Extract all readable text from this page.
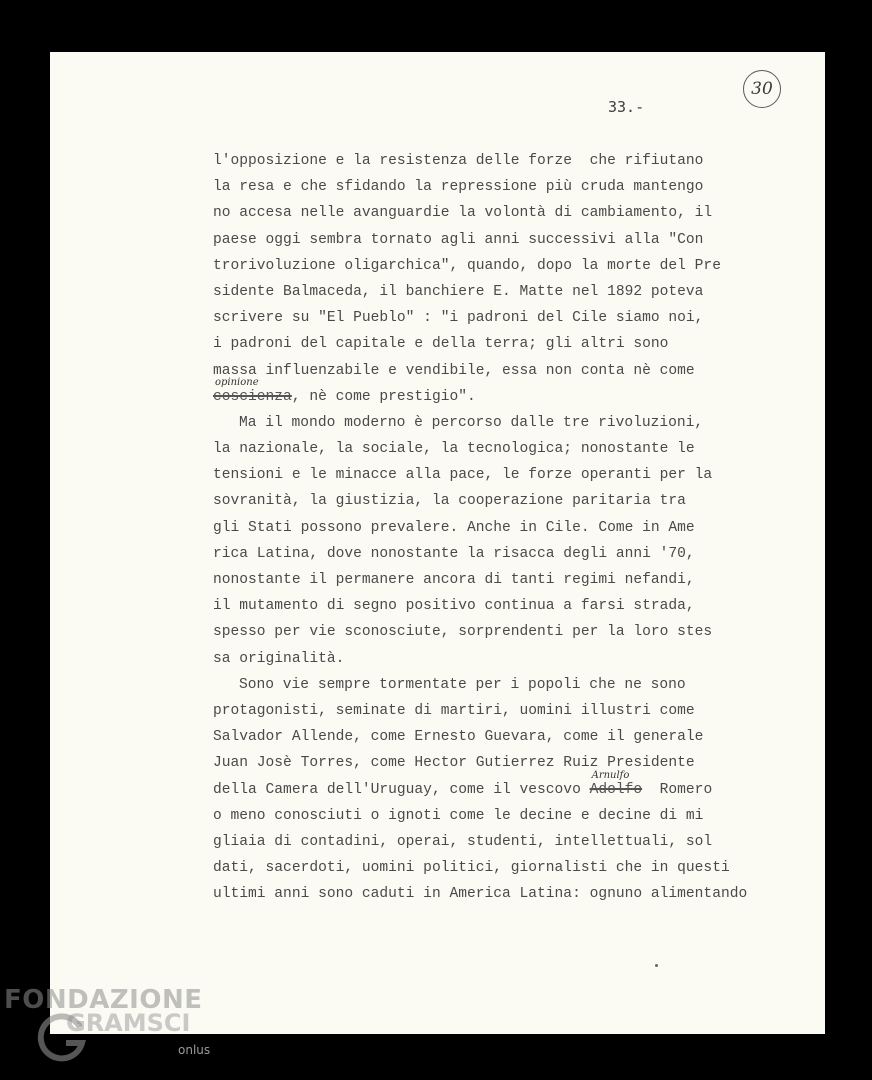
33.-
30
l'opposizione e la resistenza delle forze  che rifiutano
la resa e che sfidando la repressione più cruda mantengo
no accesa nelle avanguardie la volontà di cambiamento, il
paese oggi sembra tornato agli anni successivi alla "Con
trorivoluzione oligarchica", quando, dopo la morte del Pre
sidente Balmaceda, il banchiere E. Matte nel 1892 poteva
scrivere su "El Pueblo" : "i padroni del Cile siamo noi,
i padroni del capitale e della terra; gli altri sono
massa influenzabile e vendibile, essa non conta nè come
opinione
coscienza, nè come prestigio".
Ma il mondo moderno è percorso dalle tre rivoluzioni,
la nazionale, la sociale, la tecnologica; nonostante le
tensioni e le minacce alla pace, le forze operanti per la
sovranità, la giustizia, la cooperazione paritaria tra
gli Stati possono prevalere. Anche in Cile. Come in Ame
rica Latina, dove nonostante la risacca degli anni '70,
nonostante il permanere ancora di tanti regimi nefandi,
il mutamento di segno positivo continua a farsi strada,
spesso per vie sconosciute, sorprendenti per la loro stes
sa originalità.
Sono vie sempre tormentate per i popoli che ne sono
protagonisti, seminate di martiri, uomini illustri come
Salvador Allende, come Ernesto Guevara, come il generale
Juan Josè Torres, come Hector Gutierrez Ruiz Presidente
della Camera dell'Uruguay, come il vescovo
Arnulfo
Adolfo  Romero
o meno conosciuti o ignoti come le decine e decine di mi
gliaia di contadini, operai, studenti, intellettuali, sol
dati, sacerdoti, uomini politici, giornalisti che in questi
ultimi anni sono caduti in America Latina: ognuno alimentando
FONDAZIONE
GRAMSCI
onlus
